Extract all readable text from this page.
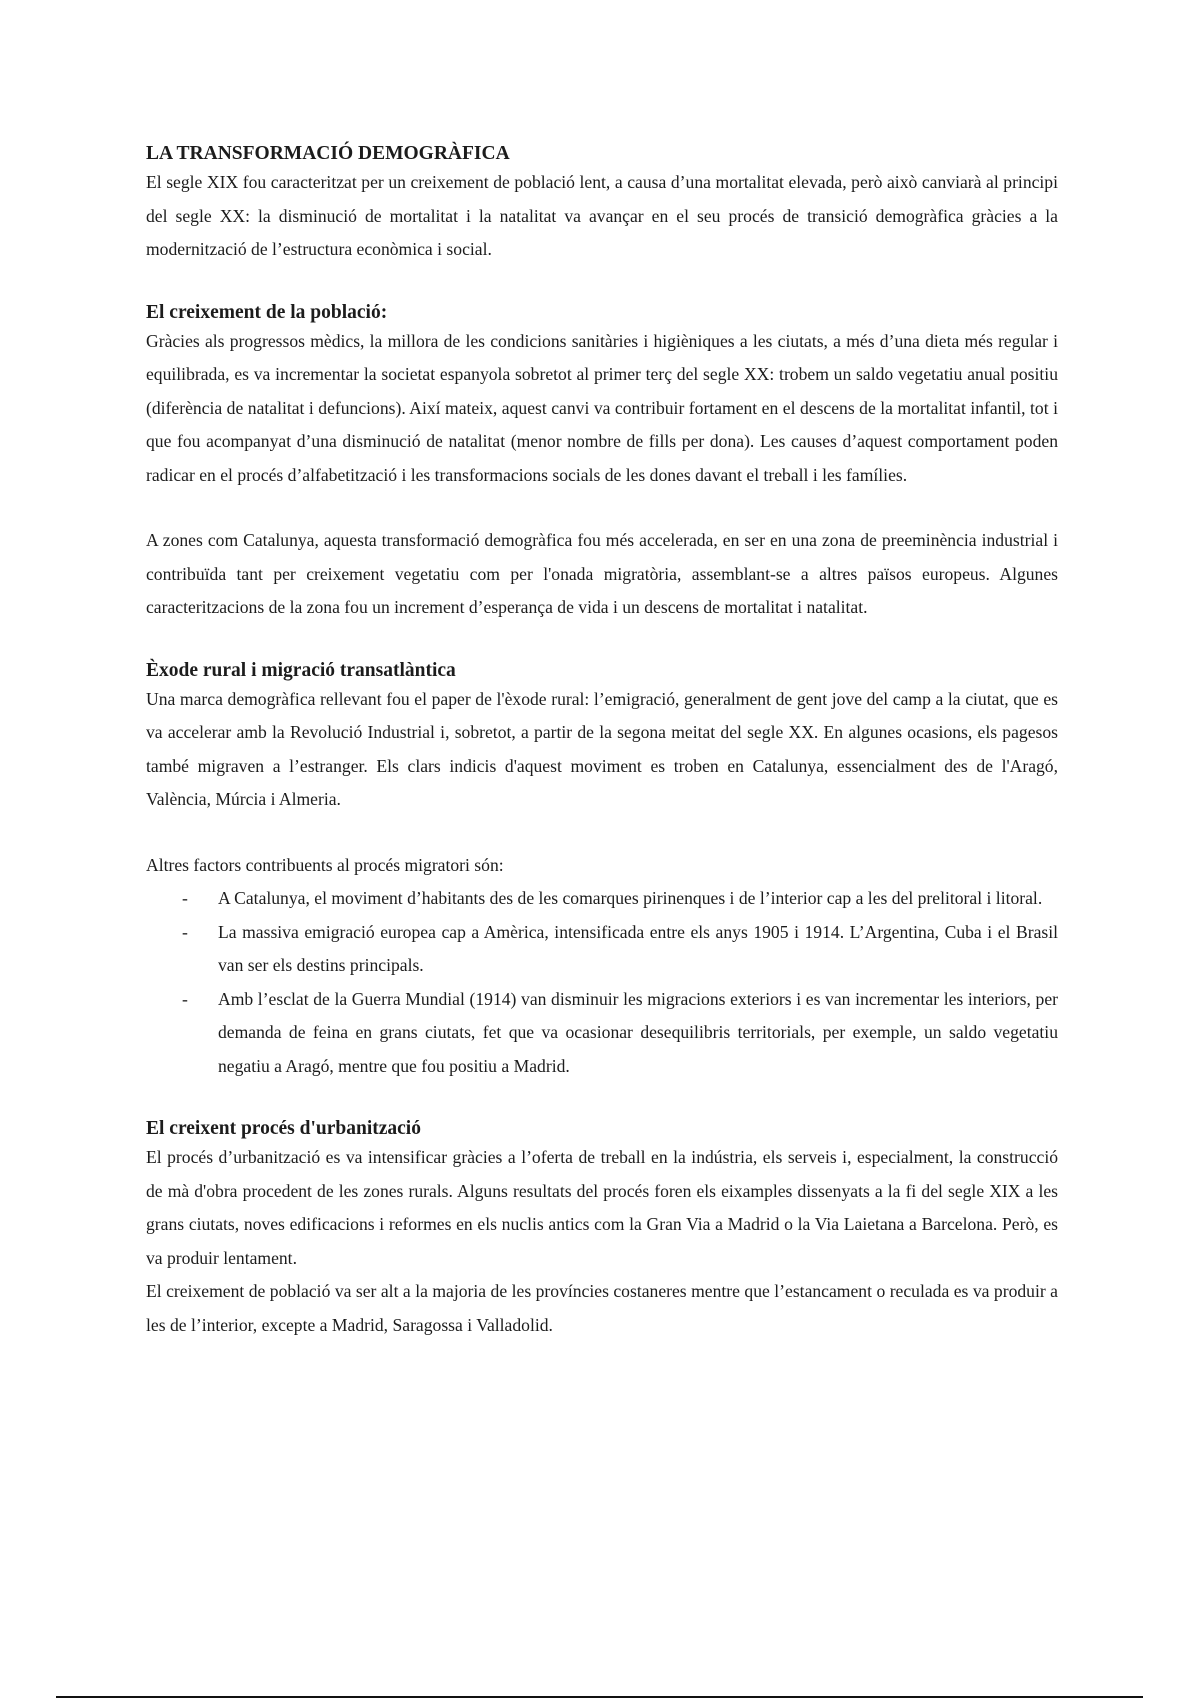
LA TRANSFORMACIÓ DEMOGRÀFICA

El segle XIX fou caracteritzat per un creixement de població lent, a causa d’una mortalitat elevada, però això canviarà al principi del segle XX: la disminució de mortalitat i la natalitat va avançar en el seu procés de transició demogràfica gràcies a la modernització de l’estructura econòmica i social.

El creixement de la població:

Gràcies als progressos mèdics, la millora de les condicions sanitàries i higièniques a les ciutats, a més d’una dieta més regular i equilibrada, es va incrementar la societat espanyola sobretot al primer terç del segle XX: trobem un saldo vegetatiu anual positiu (diferència de natalitat i defuncions). Així mateix, aquest canvi va contribuir fortament en el descens de la mortalitat infantil, tot i que fou acompanyat d’una disminució de natalitat (menor nombre de fills per dona). Les causes d’aquest comportament poden radicar en el procés d’alfabetització i les transformacions socials de les dones davant el treball i les famílies.

A zones com Catalunya, aquesta transformació demogràfica fou més accelerada, en ser en una zona de preeminència industrial i contribuïda tant per creixement vegetatiu com per l'onada migratòria, assemblant-se a altres països europeus. Algunes caracteritzacions de la zona fou un increment d’esperança de vida i un descens de mortalitat i natalitat.

Èxode rural i migració transatlàntica

Una marca demogràfica rellevant fou el paper de l'èxode rural: l’emigració, generalment de gent jove del camp a la ciutat, que es va accelerar amb la Revolució Industrial i, sobretot, a partir de la segona meitat del segle XX. En algunes ocasions, els pagesos també migraven a l’estranger. Els clars indicis d'aquest moviment es troben en Catalunya, essencialment des de l'Aragó, València, Múrcia i Almeria.

Altres factors contribuents al procés migratori són:

- A Catalunya, el moviment d’habitants des de les comarques pirinenques i de l’interior cap a les del prelitoral i litoral.
- La massiva emigració europea cap a Amèrica, intensificada entre els anys 1905 i 1914. L’Argentina, Cuba i el Brasil van ser els destins principals.
- Amb l’esclat de la Guerra Mundial (1914) van disminuir les migracions exteriors i es van incrementar les interiors, per demanda de feina en grans ciutats, fet que va ocasionar desequilibris territorials, per exemple, un saldo vegetatiu negatiu a Aragó, mentre que fou positiu a Madrid.
El creixent procés d'urbanització

El procés d’urbanització es va intensificar gràcies a l’oferta de treball en la indústria, els serveis i, especialment, la construcció de mà d'obra procedent de les zones rurals. Alguns resultats del procés foren els eixamples dissenyats a la fi del segle XIX a les grans ciutats, noves edificacions i reformes en els nuclis antics com la Gran Via a Madrid o la Via Laietana a Barcelona. Però, es va produir lentament.

El creixement de població va ser alt a la majoria de les províncies costaneres mentre que l’estancament o reculada es va produir a les de l’interior, excepte a Madrid, Saragossa i Valladolid.
